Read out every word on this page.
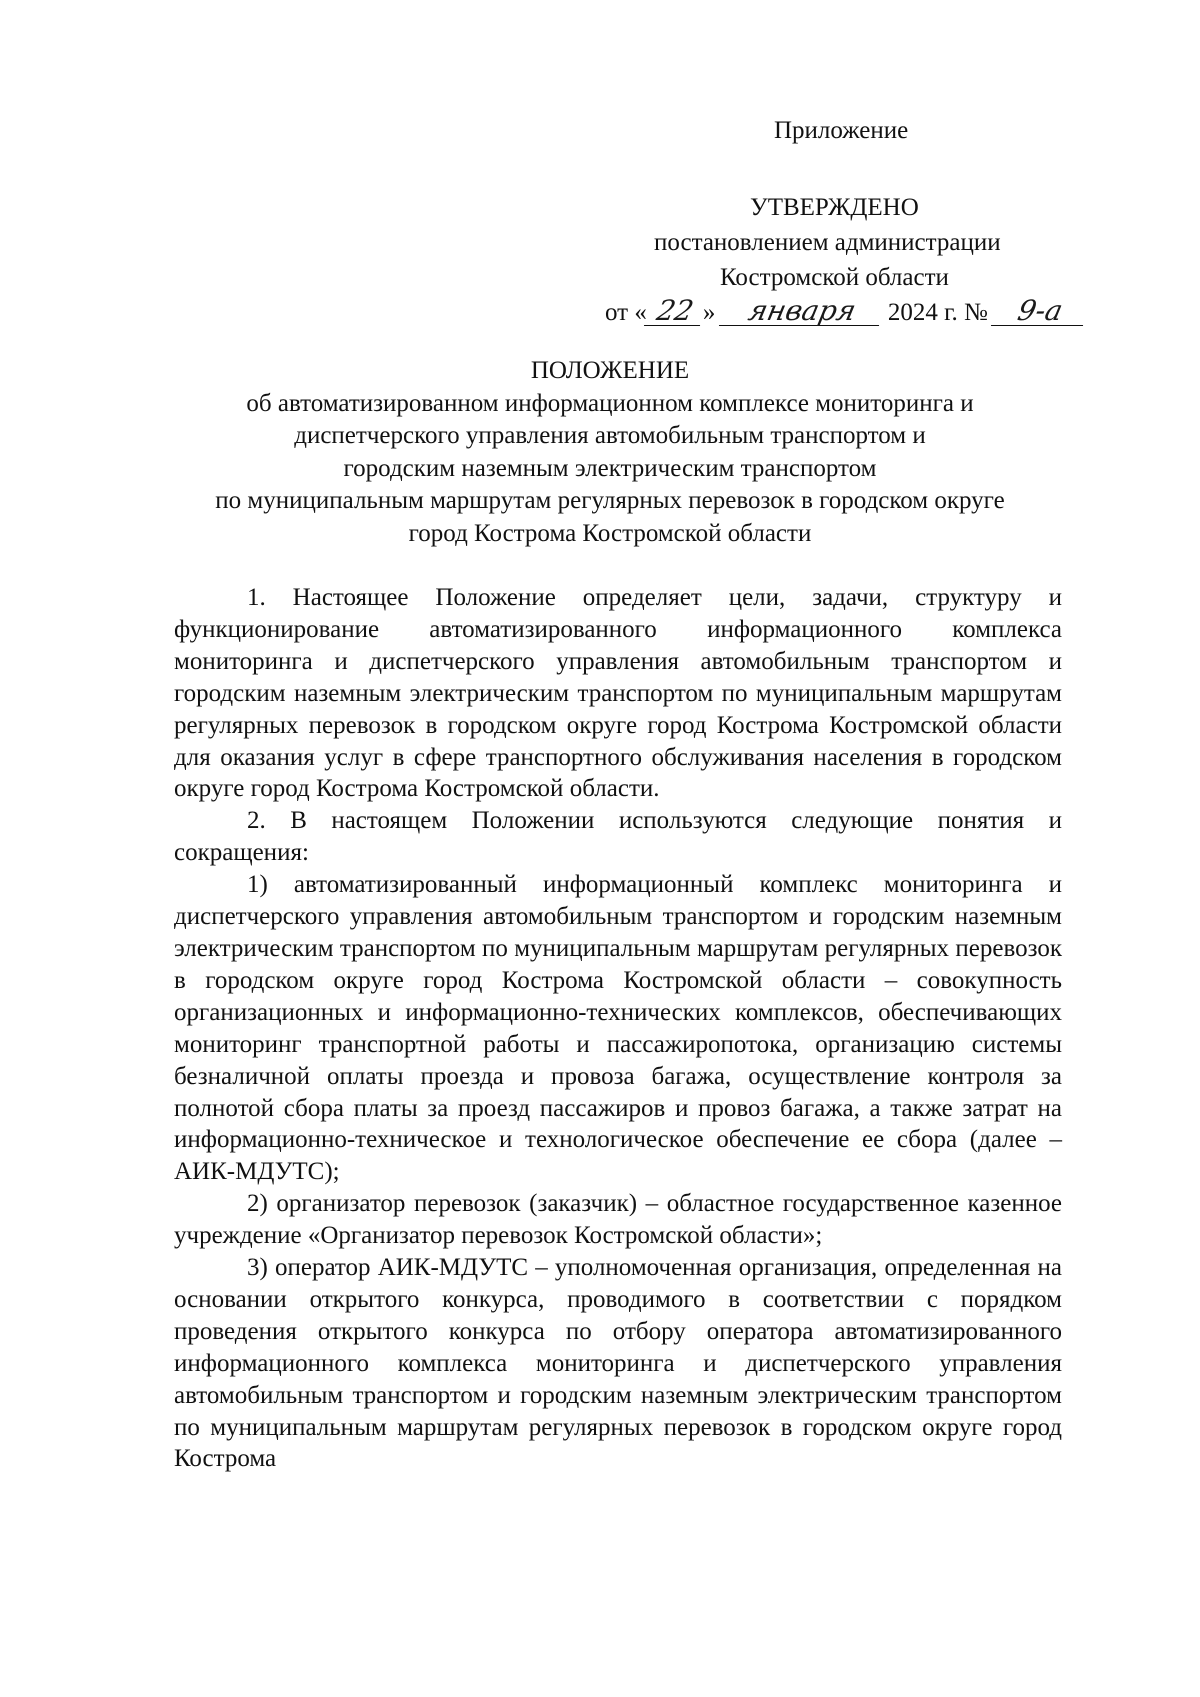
Приложение
УТВЕРЖДЕНО
постановлением администрации
Костромской области
от « 22 » января 2024 г. № 9-а
ПОЛОЖЕНИЕ
об автоматизированном информационном комплексе мониторинга и
диспетчерского управления автомобильным транспортом и
городским наземным электрическим транспортом
по муниципальным маршрутам регулярных перевозок в городском округе
город Кострома Костромской области

1. Настоящее Положение определяет цели, задачи, структуру и функционирование автоматизированного информационного комплекса мониторинга и диспетчерского управления автомобильным транспортом и городским наземным электрическим транспортом по муниципальным маршрутам регулярных перевозок в городском округе город Кострома Костромской области для оказания услуг в сфере транспортного обслуживания населения в городском округе город Кострома Костромской области.

2. В настоящем Положении используются следующие понятия и сокращения:

1) автоматизированный информационный комплекс мониторинга и диспетчерского управления автомобильным транспортом и городским наземным электрическим транспортом по муниципальным маршрутам регулярных перевозок в городском округе город Кострома Костромской области – совокупность организационных и информационно-технических комплексов, обеспечивающих мониторинг транспортной работы и пассажиропотока, организацию системы безналичной оплаты проезда и провоза багажа, осуществление контроля за полнотой сбора платы за проезд пассажиров и провоз багажа, а также затрат на информационно-техническое и технологическое обеспечение ее сбора (далее – АИК-МДУТС);

2) организатор перевозок (заказчик) – областное государственное казенное учреждение «Организатор перевозок Костромской области»;

3) оператор АИК-МДУТС – уполномоченная организация, определенная на основании открытого конкурса, проводимого в соответствии с порядком проведения открытого конкурса по отбору оператора автоматизированного информационного комплекса мониторинга и диспетчерского управления автомобильным транспортом и городским наземным электрическим транспортом по муниципальным маршрутам регулярных перевозок в городском округе город Кострома
